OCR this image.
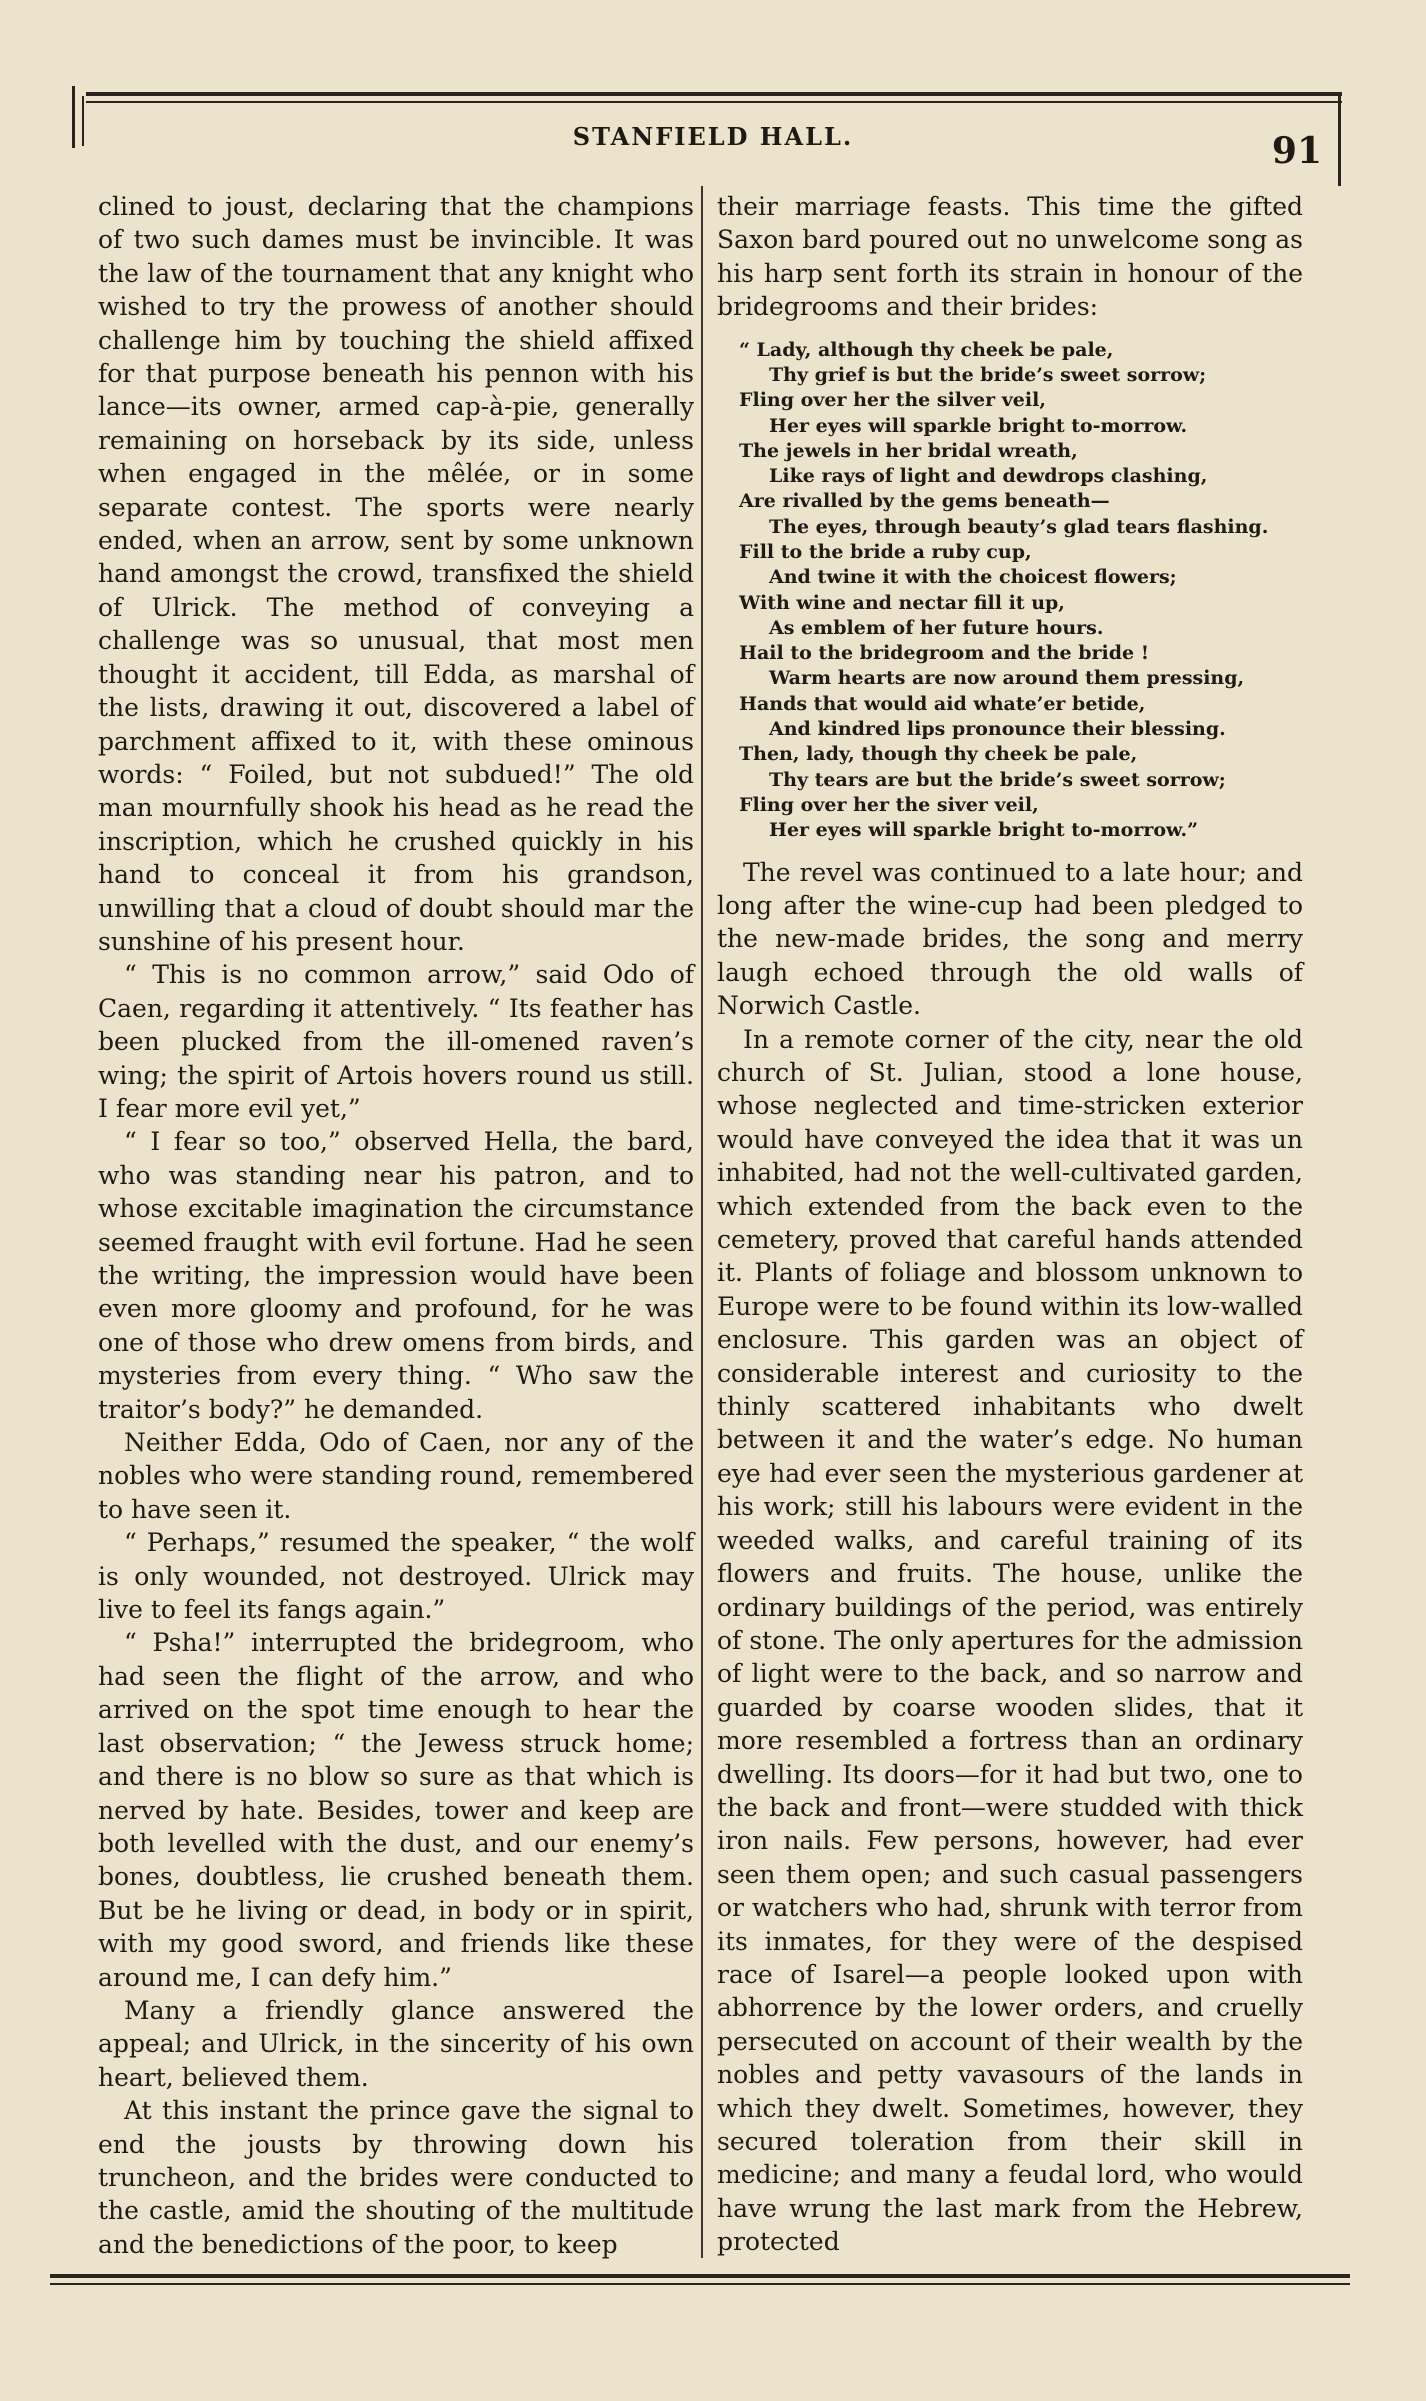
STANFIELD HALL.	91

clined to joust, declaring that the champions of two such dames must be invincible. It was the law of the tournament that any knight who wished to try the prowess of another should challenge him by touching the shield affixed for that purpose beneath his pennon with his lance—its owner, armed cap-à-pie, generally remaining on horseback by its side, unless when engaged in the mêlée, or in some separate contest. The sports were nearly ended, when an arrow, sent by some unknown hand amongst the crowd, transfixed the shield of Ulrick. The method of conveying a challenge was so unusual, that most men thought it accident, till Edda, as marshal of the lists, drawing it out, discovered a label of parchment affixed to it, with these ominous words: “ Foiled, but not subdued!” The old man mournfully shook his head as he read the inscription, which he crushed quickly in his hand to conceal it from his grandson, unwilling that a cloud of doubt should mar the sunshine of his present hour.

“ This is no common arrow,” said Odo of Caen, regarding it attentively. “ Its feather has been plucked from the ill-omened raven’s wing; the spirit of Artois hovers round us still. I fear more evil yet,”

“ I fear so too,” observed Hella, the bard, who was standing near his patron, and to whose excitable imagination the circumstance seemed fraught with evil fortune. Had he seen the writing, the impression would have been even more gloomy and profound, for he was one of those who drew omens from birds, and mysteries from every thing. “ Who saw the traitor’s body?” he demanded.

Neither Edda, Odo of Caen, nor any of the nobles who were standing round, remembered to have seen it.

“ Perhaps,” resumed the speaker, “ the wolf is only wounded, not destroyed. Ulrick may live to feel its fangs again.”

“ Psha!” interrupted the bridegroom, who had seen the flight of the arrow, and who arrived on the spot time enough to hear the last observation; “ the Jewess struck home; and there is no blow so sure as that which is nerved by hate. Besides, tower and keep are both levelled with the dust, and our enemy’s bones, doubtless, lie crushed beneath them. But be he living or dead, in body or in spirit, with my good sword, and friends like these around me, I can defy him.”

Many a friendly glance answered the appeal; and Ulrick, in the sincerity of his own heart, believed them.

At this instant the prince gave the signal to end the jousts by throwing down his truncheon, and the brides were conducted to the castle, amid the shouting of the multitude and the benedictions of the poor, to keep

their marriage feasts. This time the gifted Saxon bard poured out no unwelcome song as his harp sent forth its strain in honour of the bridegrooms and their brides:

“ Lady, although thy cheek be pale,

Thy grief is but the bride’s sweet sorrow;

Fling over her the silver veil,

Her eyes will sparkle bright to-morrow.

The jewels in her bridal wreath,

Like rays of light and dewdrops clashing,

Are rivalled by the gems beneath—

The eyes, through beauty’s glad tears flashing.

Fill to the bride a ruby cup,

And twine it with the choicest flowers;

With wine and nectar fill it up,

As emblem of her future hours.

Hail to the bridegroom and the bride !

Warm hearts are now around them pressing,

Hands that would aid whate’er betide,

And kindred lips pronounce their blessing.

Then, lady, though thy cheek be pale,

Thy tears are but the bride’s sweet sorrow;

Fling over her the siver veil,

Her eyes will sparkle bright to-morrow.”

The revel was continued to a late hour; and long after the wine-cup had been pledged to the new-made brides, the song and merry laugh echoed through the old walls of Norwich Castle.

In a remote corner of the city, near the old church of St. Julian, stood a lone house, whose neglected and time-stricken exterior would have conveyed the idea that it was un inhabited, had not the well-cultivated garden, which extended from the back even to the cemetery, proved that careful hands attended it. Plants of foliage and blossom unknown to Europe were to be found within its low-walled enclosure. This garden was an object of considerable interest and curiosity to the thinly scattered inhabitants who dwelt between it and the water’s edge. No human eye had ever seen the mysterious gardener at his work; still his labours were evident in the weeded walks, and careful training of its flowers and fruits. The house, unlike the ordinary buildings of the period, was entirely of stone. The only apertures for the admission of light were to the back, and so narrow and guarded by coarse wooden slides, that it more resembled a fortress than an ordinary dwelling. Its doors—for it had but two, one to the back and front—were studded with thick iron nails. Few persons, however, had ever seen them open; and such casual passengers or watchers who had, shrunk with terror from its inmates, for they were of the despised race of Isarel—a people looked upon with abhorrence by the lower orders, and cruelly persecuted on account of their wealth by the nobles and petty vavasours of the lands in which they dwelt. Sometimes, however, they secured toleration from their skill in medicine; and many a feudal lord, who would have wrung the last mark from the Hebrew, protected
